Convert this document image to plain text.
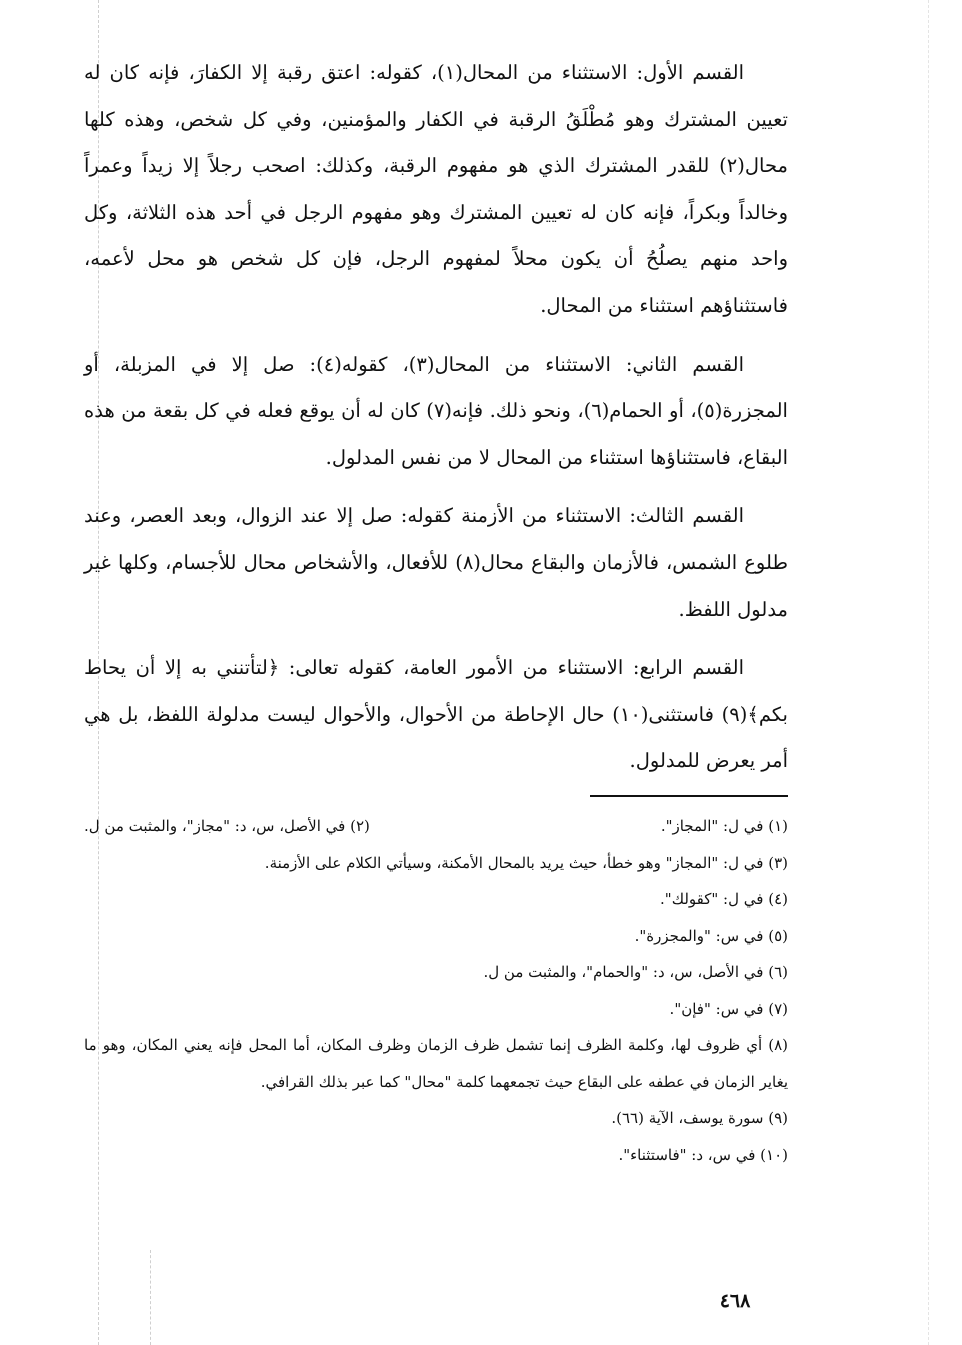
القسم الأول: الاستثناء من المحال(١)، كقوله: اعتق رقبة إلا الكفارَ، فإنه كان له تعيين المشترك وهو مُطْلَقُ الرقبة في الكفار والمؤمنين، وفي كل شخص، وهذه كلها محال(٢) للقدر المشترك الذي هو مفهوم الرقبة، وكذلك: اصحب رجلاً إلا زيداً وعمراً وخالداً وبكراً، فإنه كان له تعيين المشترك وهو مفهوم الرجل في أحد هذه الثلاثة، وكل واحد منهم يصلُحُ أن يكون محلاً لمفهوم الرجل، فإن كل شخص هو محل لأعمه، فاستثناؤهم استثناء من المحال.

القسم الثاني: الاستثناء من المحال(٣)، كقوله(٤): صل إلا في المزبلة، أو المجزرة(٥)، أو الحمام(٦)، ونحو ذلك. فإنه(٧) كان له أن يوقع فعله في كل بقعة من هذه البقاع، فاستثناؤها استثناء من المحال لا من نفس المدلول.

القسم الثالث: الاستثناء من الأزمنة كقوله: صل إلا عند الزوال، وبعد العصر، وعند طلوع الشمس، فالأزمان والبقاع محال(٨) للأفعال، والأشخاص محال للأجسام، وكلها غير مدلول اللفظ.

القسم الرابع: الاستثناء من الأمور العامة، كقوله تعالى: ﴿لتأتنني به إلا أن يحاط بكم﴾(٩) فاستثنى(١٠) حال الإحاطة من الأحوال، والأحوال ليست مدلولة اللفظ، بل هي أمر يعرض للمدلول.

(١) في ل: "المجاز".

(٢) في الأصل، س، د: "مجاز"، والمثبت من ل.

(٣) في ل: "المجاز" وهو خطأ، حيث يريد بالمحال الأمكنة، وسيأتي الكلام على الأزمنة.

(٤) في ل: "كقولك".

(٥) في س: "والمجزرة".

(٦) في الأصل، س، د: "والحمام"، والمثبت من ل.

(٧) في س: "فإن".

(٨) أي ظروف لها، وكلمة الظرف إنما تشمل ظرف الزمان وظرف المكان، أما المحل فإنه يعني المكان، وهو ما يغاير الزمان في عطفه على البقاع حيث تجمعهما كلمة "محال" كما عبر بذلك القرافي.

(٩) سورة يوسف، الآية (٦٦).

(١٠) في س، د: "فاستثناء".

٤٦٨
